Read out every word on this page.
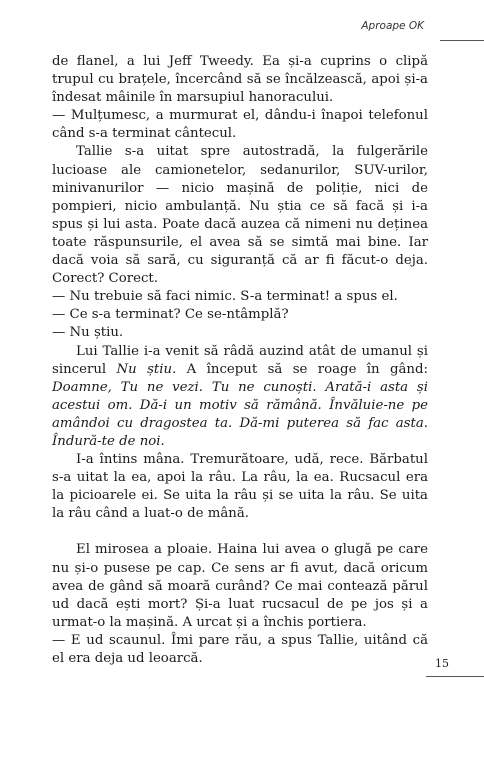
Aproape OK

de flanel, a lui Jeff Tweedy. Ea și-a cuprins o clipă trupul cu brațele, încercând să se încălzească, apoi și-a îndesat mâinile în marsupiul hanoracului.

— Mulțumesc, a murmurat el, dându-i înapoi telefonul când s-a terminat cântecul.

Tallie s-a uitat spre autostradă, la fulgerările lucioase ale camionetelor, sedanurilor, SUV-urilor, minivanurilor — nicio mașină de poliție, nici de pompieri, nicio ambulanță. Nu știa ce să facă și i-a spus și lui asta. Poate dacă auzea că nimeni nu deținea toate răspunsurile, el avea să se simtă mai bine. Iar dacă voia să sară, cu siguranță că ar fi făcut-o deja. Corect? Corect.

— Nu trebuie să faci nimic. S-a terminat! a spus el.

— Ce s-a terminat? Ce se-ntâmplă?

— Nu știu.

Lui Tallie i-a venit să râdă auzind atât de umanul și sincerul Nu știu. A început să se roage în gând: Doamne, Tu ne vezi. Tu ne cunoști. Arată-i asta și acestui om. Dă-i un motiv să rămână. Învăluie-ne pe amândoi cu dragostea ta. Dă-mi puterea să fac asta. Îndură-te de noi.

I-a întins mâna. Tremurătoare, udă, rece. Bărbatul s-a uitat la ea, apoi la râu. La râu, la ea. Rucsacul era la picioarele ei. Se uita la râu și se uita la râu. Se uita la râu când a luat-o de mână.

El mirosea a ploaie. Haina lui avea o glugă pe care nu și-o pusese pe cap. Ce sens ar fi avut, dacă oricum avea de gând să moară curând? Ce mai contează părul ud dacă ești mort? Și-a luat rucsacul de pe jos și a urmat-o la mașină. A urcat și a închis portiera.

— E ud scaunul. Îmi pare rău, a spus Tallie, uitând că el era deja ud leoarcă.	15
